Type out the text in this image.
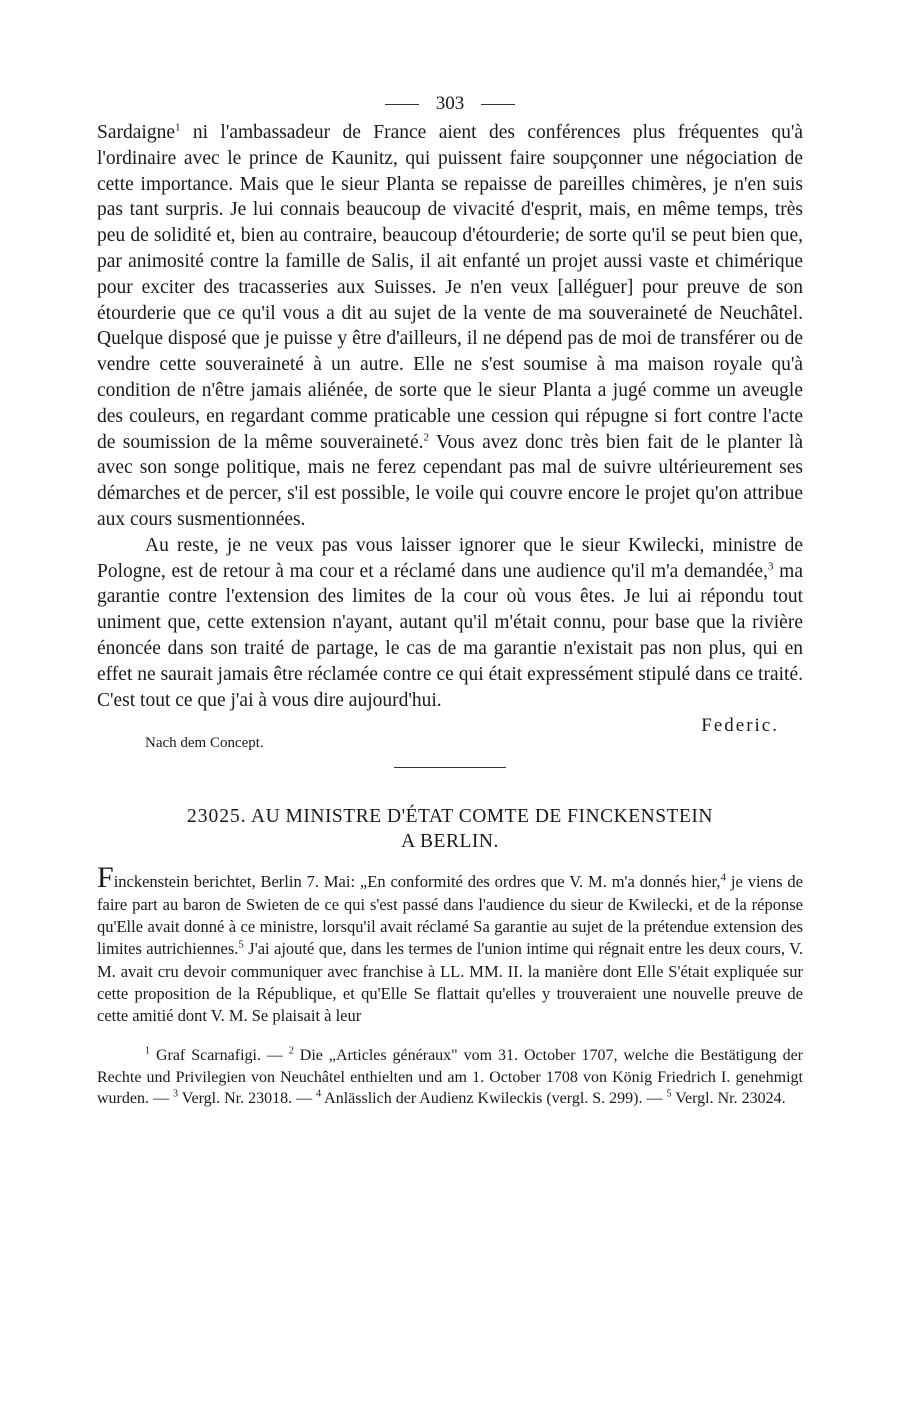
303

Sardaigne$^1$ ni l'ambassadeur de France aient des conférences plus fréquentes qu'à l'ordinaire avec le prince de Kaunitz, qui puissent faire soupçonner une négociation de cette importance. Mais que le sieur Planta se repaisse de pareilles chimères, je n'en suis pas tant surpris. Je lui connais beaucoup de vivacité d'esprit, mais, en même temps, très peu de solidité et, bien au contraire, beaucoup d'étourderie; de sorte qu'il se peut bien que, par animosité contre la famille de Salis, il ait enfanté un projet aussi vaste et chimérique pour exciter des tracasseries aux Suisses. Je n'en veux [alléguer] pour preuve de son étourderie que ce qu'il vous a dit au sujet de la vente de ma souveraineté de Neuchâtel. Quelque disposé que je puisse y être d'ailleurs, il ne dépend pas de moi de transférer ou de vendre cette souveraineté à un autre. Elle ne s'est soumise à ma maison royale qu'à condition de n'être jamais aliénée, de sorte que le sieur Planta a jugé comme un aveugle des couleurs, en regardant comme praticable une cession qui répugne si fort contre l'acte de soumission de la même souveraineté.$^2$ Vous avez donc très bien fait de le planter là avec son songe politique, mais ne ferez cependant pas mal de suivre ultérieurement ses démarches et de percer, s'il est possible, le voile qui couvre encore le projet qu'on attribue aux cours susmentionnées.

Au reste, je ne veux pas vous laisser ignorer que le sieur Kwilecki, ministre de Pologne, est de retour à ma cour et a réclamé dans une audience qu'il m'a demandée,$^3$ ma garantie contre l'extension des limites de la cour où vous êtes. Je lui ai répondu tout uniment que, cette extension n'ayant, autant qu'il m'était connu, pour base que la rivière énoncée dans son traité de partage, le cas de ma garantie n'existait pas non plus, qui en effet ne saurait jamais être réclamée contre ce qui était expressément stipulé dans ce traité. C'est tout ce que j'ai à vous dire aujourd'hui.

Federic.
Nach dem Concept.
23025. AU MINISTRE D'ÉTAT COMTE DE FINCKENSTEIN
A BERLIN.
Finckenstein berichtet, Berlin 7. Mai: „En conformité des ordres que V. M. m'a donnés hier,$^4$ je viens de faire part au baron de Swieten de ce qui s'est passé dans l'audience du sieur de Kwilecki, et de la réponse qu'Elle avait donné à ce ministre, lorsqu'il avait réclamé Sa garantie au sujet de la prétendue extension des limites autrichiennes.$^5$ J'ai ajouté que, dans les termes de l'union intime qui régnait entre les deux cours, V. M. avait cru devoir communiquer avec franchise à LL. MM. II. la manière dont Elle S'était expliquée sur cette proposition de la République, et qu'Elle Se flattait qu'elles y trouveraient une nouvelle preuve de cette amitié dont V. M. Se plaisait à leur

$^1$ Graf Scarnafigi. — $^2$ Die „Articles généraux" vom 31. October 1707, welche die Bestätigung der Rechte und Privilegien von Neuchâtel enthielten und am 1. October 1708 von König Friedrich I. genehmigt wurden. — $^3$ Vergl. Nr. 23018. — $^4$ Anlässlich der Audienz Kwileckis (vergl. S. 299). — $^5$ Vergl. Nr. 23024.
